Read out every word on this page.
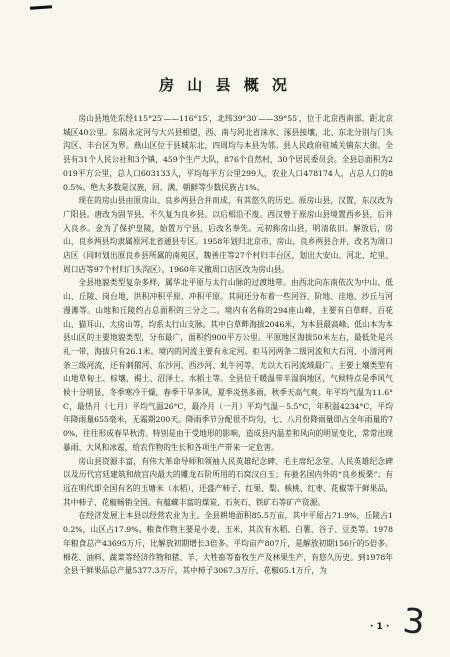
房 山 县 概 况

房山县地处东经115°25′——116°15′，北纬39°30′——39°55′，位于北京西南部，距北京城区40公里。东隔永定河与大兴县相望，西、南与河北省涞水、涿县接壤，北、东北分别与门头沟区、丰台区为界。燕山区位于县城东北，四周均与本县为邻。县人民政府驻城关镇东大街。全县有31个人民公社和3个镇，459个生产大队，876个自然村，30个居民委员会。全县总面积为2019平方公里，总人口603133人，平均每平方公里299人，农业人口478174人，占总人口的80.5%。绝大多数是汉族，回、满、朝鲜等少数民族占1%。

现在的房山县由原房山、良乡两县合并而成，有其悠久的历史。原房山县，汉置，东汉改为广阳县。唐改为固节县，不久复为良乡县。以后相沿不废。西汉曾于原房山县境置西乡县，后并入良乡。金为了保护皇陵，始置万宁县，后改名奉先。元初称房山县，明清依旧。解放后，房山、良乡两县均隶属原河北省通县专区。1958年划归北京市，房山、良乡两县合并，改名为周口店区（同时划出原良乡县所属的南苑区，魏善庄等27个村归丰台区，划出大安山、河北、坨里、周口店等97个村归门头沟区）。1960年又撤周口店区改为房山县。

全县地貌类型复杂多样，属华北平原与太行山脉的过渡地带。由西北向东南依次为中山、低山、丘陵、岗台地、洪积冲积平原、冲积平原。其间还分布着一些河谷、阶地、洼地、沙丘与河漫滩等。山地和丘陵约占总面积的三分之二。境内有名称的294座山峰，主要有白草畔、百花山、猫耳山、大房山等，均系太行山支脉。其中白草畔海拔2046米，为本县最高峰。低山本为本县山区的主要地貌类型，分布最广，面积约900平方公里。平原地区海拔50米左右，最低处是兴礼一带，海拔只有26.1米。境内的河流主要有永定河、拒马河两条二级河流和大石河、小清河两条三级河流，还有刺猬河、东沙河、西沙河、虬牛河等，尤以大石河流域最广。主要土壤类型有山地草甸土、棕壤、褐土、沼泽土、水稻土等。全县位于暖温带半湿润地区，气候特点是季风气候十分明显，冬季寒冷干燥，春季干旱多风，夏季炎热多雨，秋季天高气爽。年平均气温为11.6°C，最热月（七月）平均气温26°C，最冷月（一月）平均气温－5.5°C，年积温4234°C，平均年降雨量655毫米，无霜期200天。降雨季节分配很不均匀，七、八月份降雨量即占全年雨量的70%，往往形成春旱秋涝。特别是由于受地形的影响，造成县内温差和风向的明显变化，常常出现暴雨、大风和冰雹，给农作物的生长和各项生产带来一定危害。

房山县资源丰富，有伟大革命导师和领袖人民英雄纪念碑、毛主席纪念堂、人民英雄纪念碑以及历代宫廷建筑和故宫内最大的雕龙石阶所用的石窝汉白玉；有驰名国内外的“良乡板栗”；有远在明代即全国有名的玉塘米（水稻），还盛产柿子、红果、梨、核桃、红枣、花椒等干鲜果品，其中柿子、花椒畅销全国。有蕴藏丰富的煤炭、石灰石、铁矿石等矿产资源。

在经济发展上本县以经营农业为主。全县耕地面积85.5万亩，其中平原占71.9%，丘陵占10.2%，山区占17.9%。粮食作物主要是小麦、玉米，其次有水稻、白薯、谷子、豆类等。1978年粮食总产43695万斤，比解放初期增长3倍多。平均亩产807斤，是解放初期156斤的5倍多。棉花、油料、蔬菜等经济作物和猪、羊、大牲畜等畜牧生产及林果生产，有悠久历史。到1978年全县干鲜果品总产量5377.3万斤，其中柿子3067.3万斤，花椒65.1万斤，为

· 1 · 3
